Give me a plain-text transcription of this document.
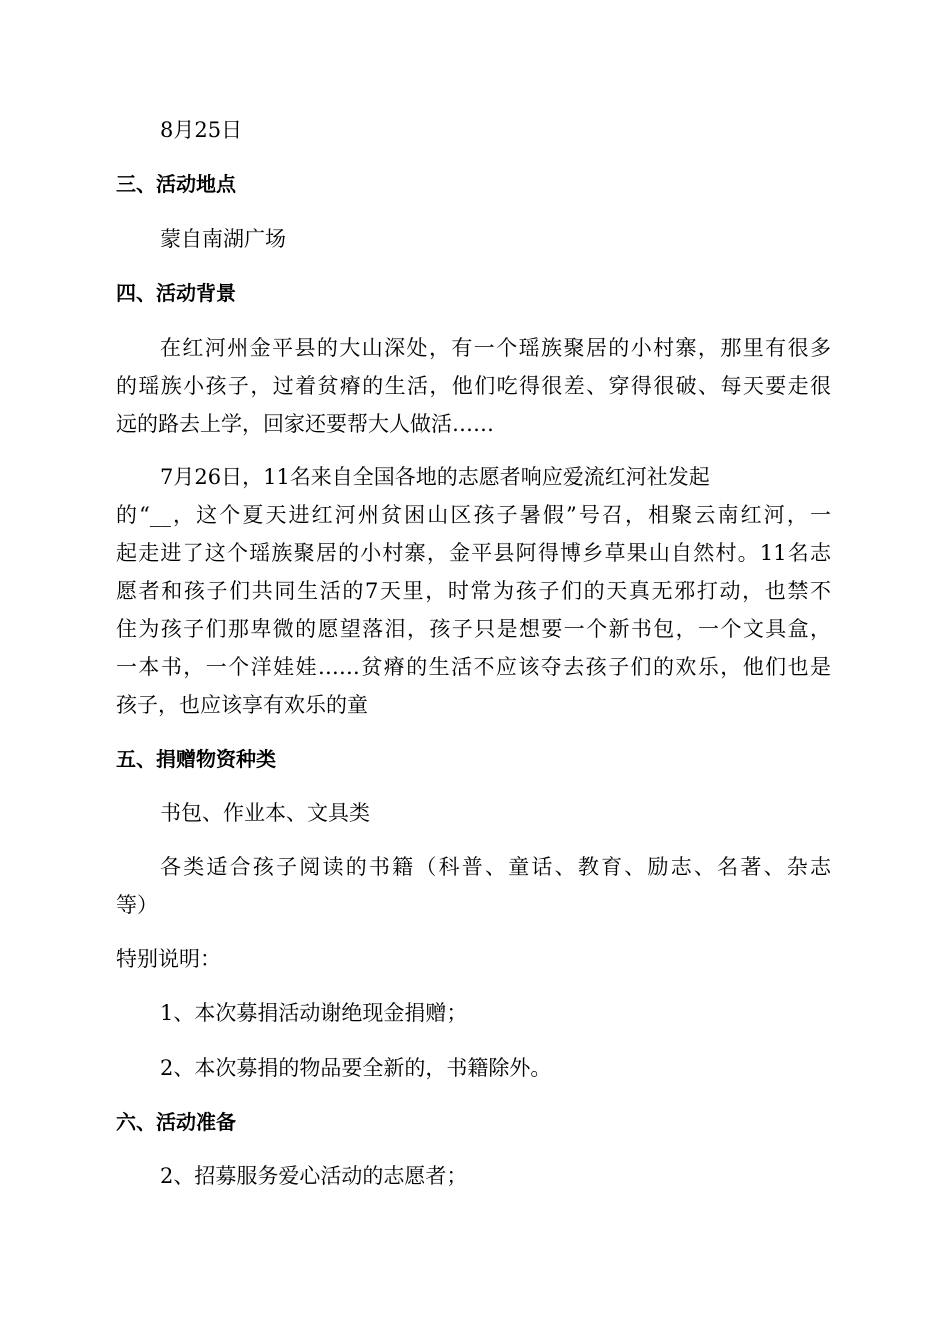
8月25日
三、活动地点
蒙自南湖广场
四、活动背景
在红河州金平县的大山深处，有一个瑶族聚居的小村寨，那里有很多
的瑶族小孩子，过着贫瘠的生活，他们吃得很差、穿得很破、每天要走很
远的路去上学，回家还要帮大人做活……
7月26日，11名来自全国各地的志愿者响应爱流红河社发起
的“__，这个夏天进红河州贫困山区孩子暑假”号召，相聚云南红河，一
起走进了这个瑶族聚居的小村寨，金平县阿得博乡草果山自然村。11名志
愿者和孩子们共同生活的7天里，时常为孩子们的天真无邪打动，也禁不
住为孩子们那卑微的愿望落泪，孩子只是想要一个新书包，一个文具盒，
一本书，一个洋娃娃……贫瘠的生活不应该夺去孩子们的欢乐，他们也是
孩子，也应该享有欢乐的童
五、捐赠物资种类
书包、作业本、文具类
各类适合孩子阅读的书籍（科普、童话、教育、励志、名著、杂志
等）
特别说明：
1、本次募捐活动谢绝现金捐赠；
2、本次募捐的物品要全新的，书籍除外。
六、活动准备
2、招募服务爱心活动的志愿者；
